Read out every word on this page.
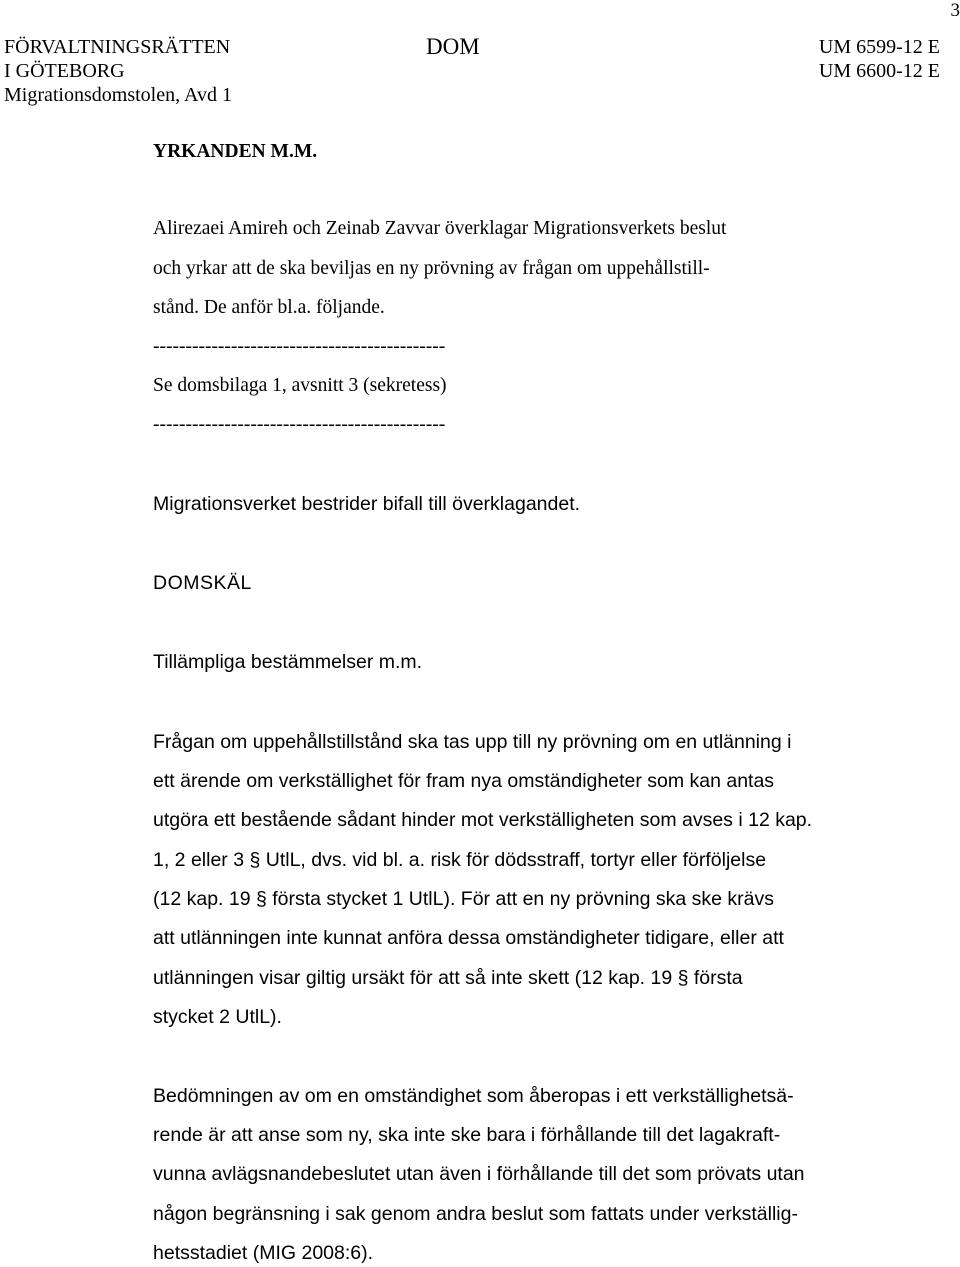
3
FÖRVALTNINGSRÄTTEN
I GÖTEBORG
Migrationsdomstolen, Avd 1
DOM	UM 6599-12 E
UM 6600-12 E
YRKANDEN M.M.
Alirezaei Amireh och Zeinab Zavvar överklagar Migrationsverkets beslut
och yrkar att de ska beviljas en ny prövning av frågan om uppehållstill-
stånd. De anför bl.a. följande.
---------------------------------------------
Se domsbilaga 1, avsnitt 3 (sekretess)
---------------------------------------------
Migrationsverket bestrider bifall till överklagandet.
DOMSKÄL
Tillämpliga bestämmelser m.m.
Frågan om uppehållstillstånd ska tas upp till ny prövning om en utlänning i
ett ärende om verkställighet för fram nya omständigheter som kan antas
utgöra ett bestående sådant hinder mot verkställigheten som avses i 12 kap.
1, 2 eller 3 § UtlL, dvs. vid bl. a. risk för dödsstraff, tortyr eller förföljelse
(12 kap. 19 § första stycket 1 UtlL). För att en ny prövning ska ske krävs
att utlänningen inte kunnat anföra dessa omständigheter tidigare, eller att
utlänningen visar giltig ursäkt för att så inte skett (12 kap. 19 § första
stycket 2 UtlL).
Bedömningen av om en omständighet som åberopas i ett verkställighetsä-
rende är att anse som ny, ska inte ske bara i förhållande till det lagakraft-
vunna avlägsnandebeslutet utan även i förhållande till det som prövats utan
någon begränsning i sak genom andra beslut som fattats under verkställig-
hetsstadiet (MIG 2008:6).
